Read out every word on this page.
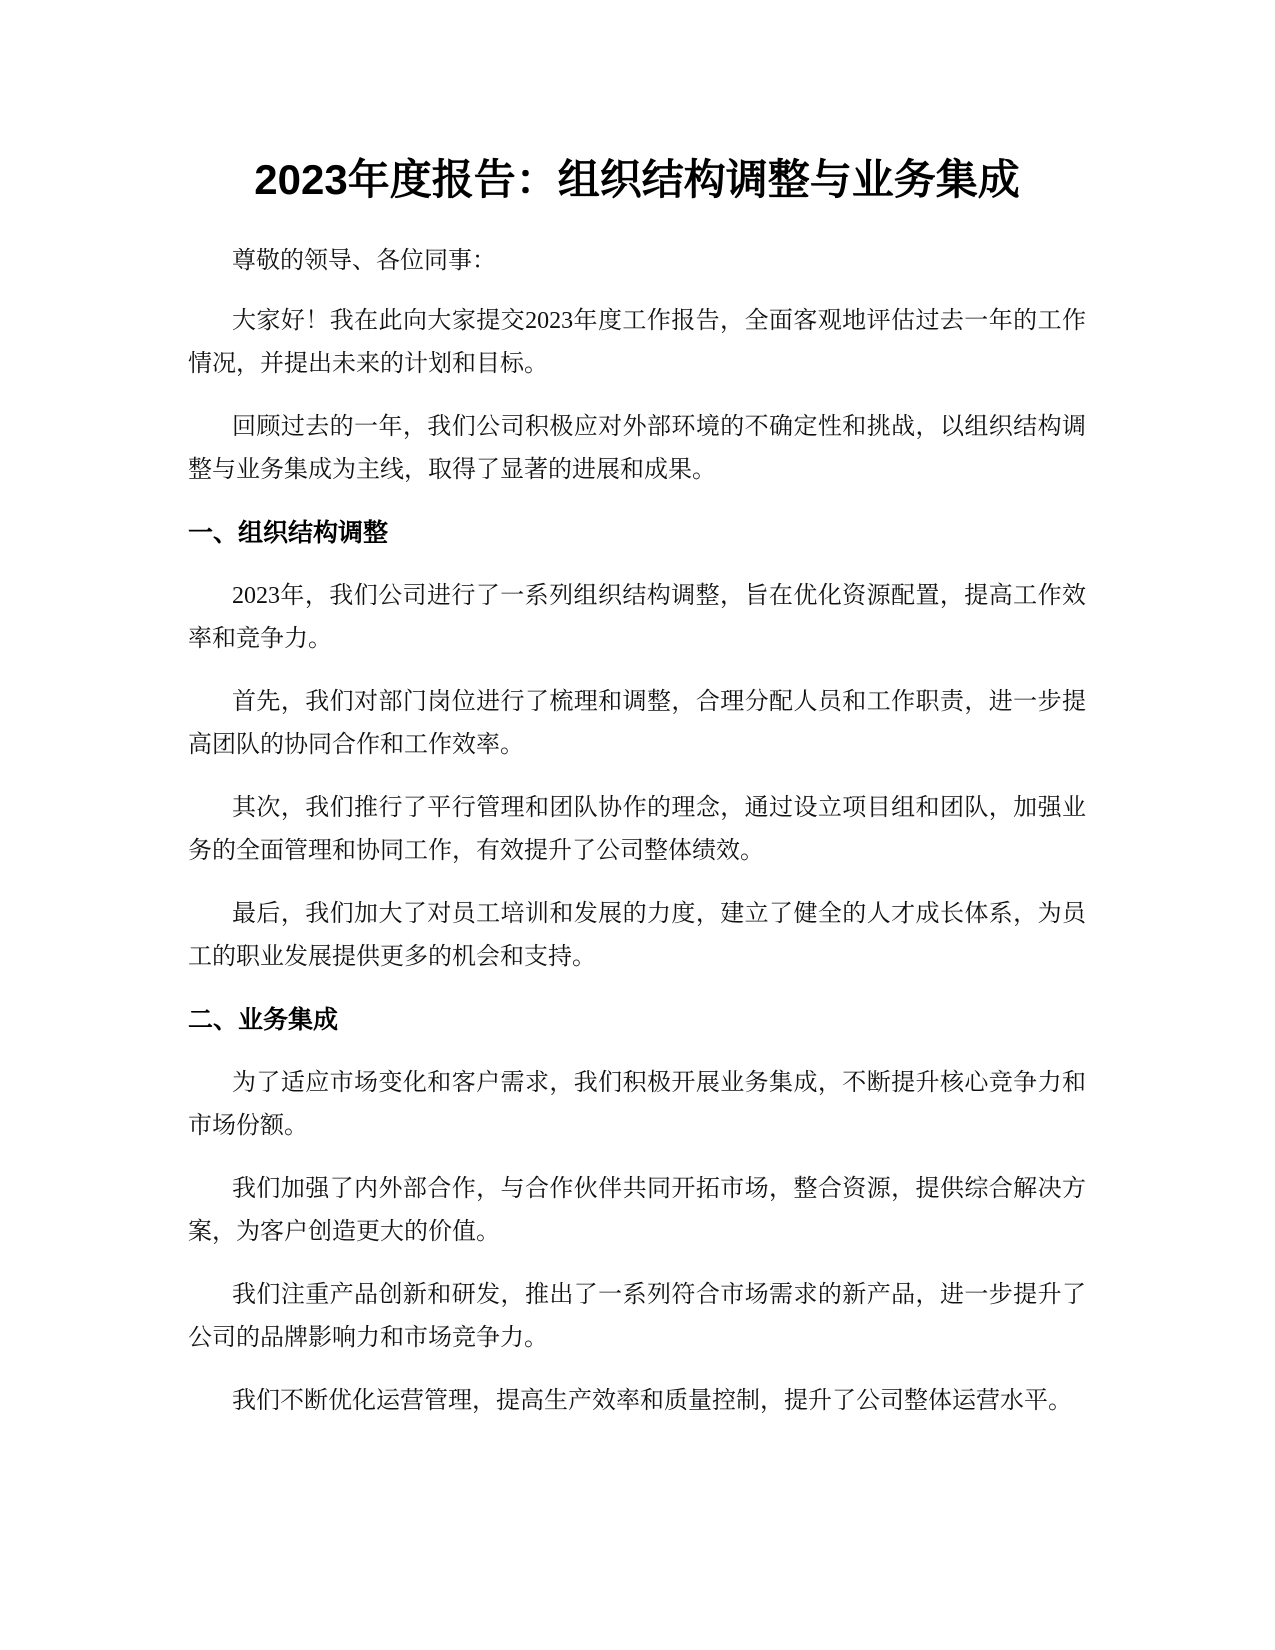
2023年度报告：组织结构调整与业务集成

尊敬的领导、各位同事：

大家好！我在此向大家提交2023年度工作报告，全面客观地评估过去一年的工作情况，并提出未来的计划和目标。

回顾过去的一年，我们公司积极应对外部环境的不确定性和挑战，以组织结构调整与业务集成为主线，取得了显著的进展和成果。

一、组织结构调整

2023年，我们公司进行了一系列组织结构调整，旨在优化资源配置，提高工作效率和竞争力。

首先，我们对部门岗位进行了梳理和调整，合理分配人员和工作职责，进一步提高团队的协同合作和工作效率。

其次，我们推行了平行管理和团队协作的理念，通过设立项目组和团队，加强业务的全面管理和协同工作，有效提升了公司整体绩效。

最后，我们加大了对员工培训和发展的力度，建立了健全的人才成长体系，为员工的职业发展提供更多的机会和支持。

二、业务集成

为了适应市场变化和客户需求，我们积极开展业务集成，不断提升核心竞争力和市场份额。

我们加强了内外部合作，与合作伙伴共同开拓市场，整合资源，提供综合解决方案，为客户创造更大的价值。

我们注重产品创新和研发，推出了一系列符合市场需求的新产品，进一步提升了公司的品牌影响力和市场竞争力。

我们不断优化运营管理，提高生产效率和质量控制，提升了公司整体运营水平。
